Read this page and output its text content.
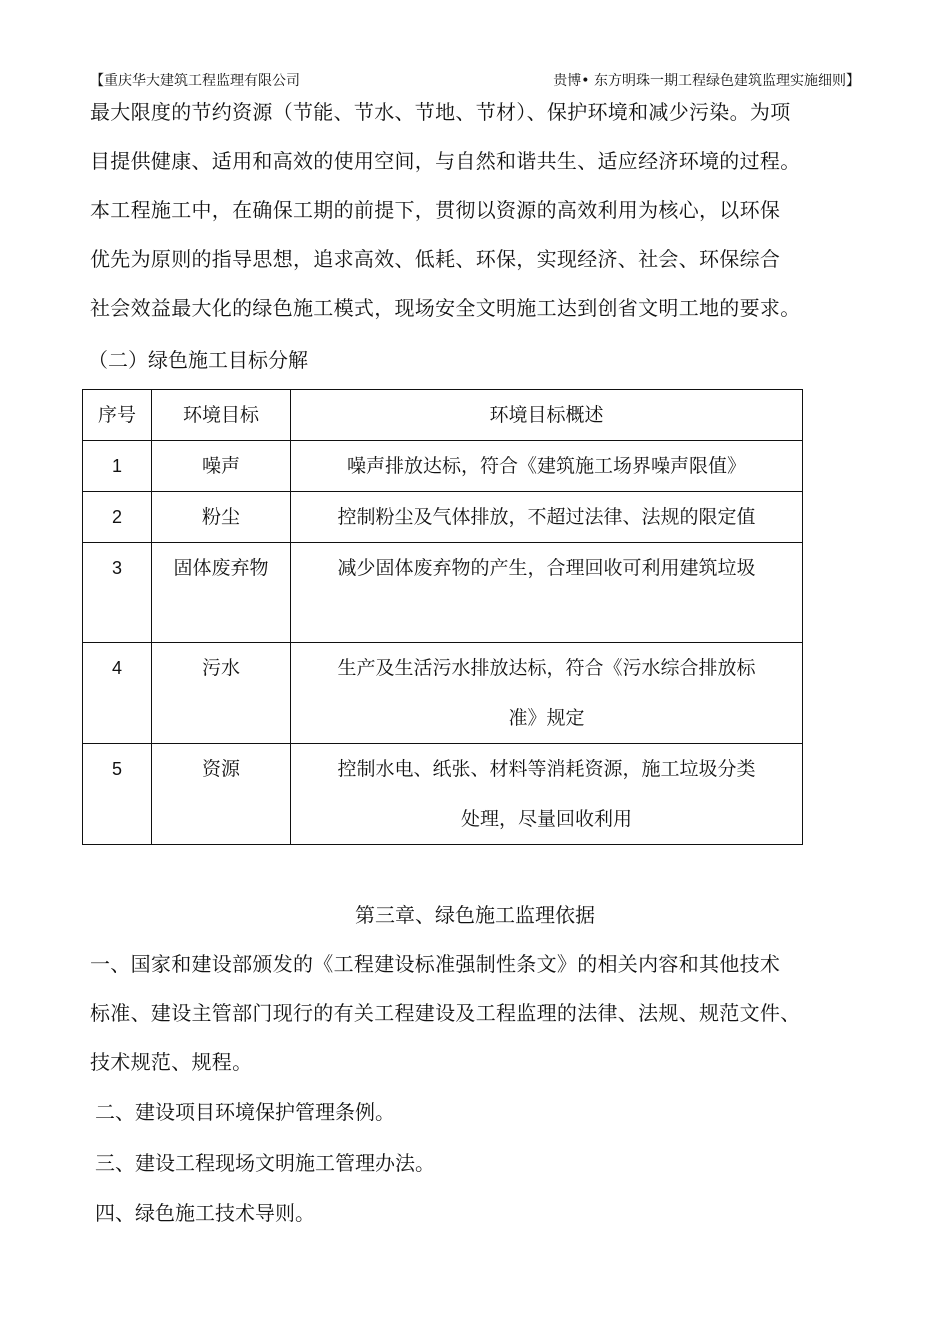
【重庆华大建筑工程监理有限公司	贵博• 东方明珠一期工程绿色建筑监理实施细则】
最大限度的节约资源（节能、节水、节地、节材）、保护环境和减少污染。为项
目提供健康、适用和高效的使用空间，与自然和谐共生、适应经济环境的过程。
本工程施工中，在确保工期的前提下，贯彻以资源的高效利用为核心，以环保
优先为原则的指导思想，追求高效、低耗、环保，实现经济、社会、环保综合
社会效益最大化的绿色施工模式，现场安全文明施工达到创省文明工地的要求。
（二）绿色施工目标分解
序号	环境目标	环境目标概述
1	噪声	噪声排放达标，符合《建筑施工场界噪声限值》
2	粉尘	控制粉尘及气体排放，不超过法律、法规的限定值
3	固体废弃物	减少固体废弃物的产生，合理回收可利用建筑垃圾
4	污水	生产及生活污水排放达标，符合《污水综合排放标
准》规定
5	资源	控制水电、纸张、材料等消耗资源，施工垃圾分类
处理，尽量回收利用
第三章、绿色施工监理依据
一、国家和建设部颁发的《工程建设标准强制性条文》的相关内容和其他技术
标准、建设主管部门现行的有关工程建设及工程监理的法律、法规、规范文件、
技术规范、规程。
二、建设项目环境保护管理条例。
三、建设工程现场文明施工管理办法。
四、绿色施工技术导则。
